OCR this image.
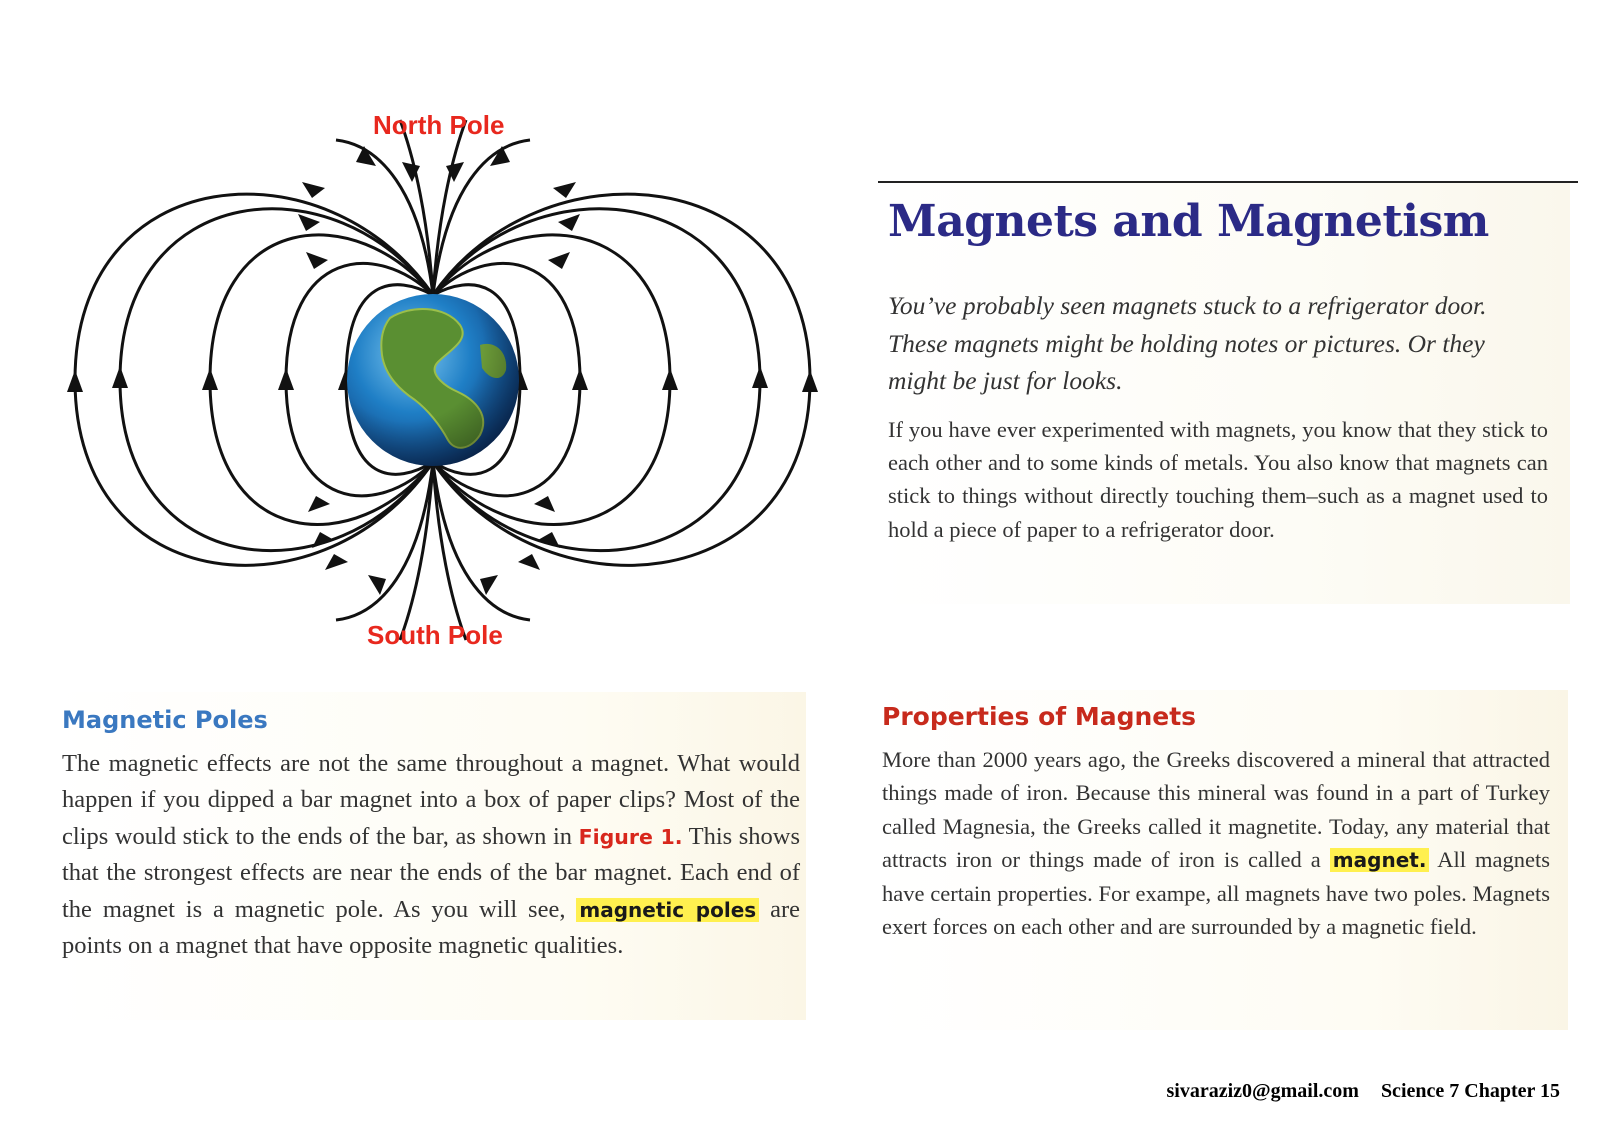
North Pole
South Pole
Magnets and Magnetism

You’ve probably seen magnets stuck to a refrigerator door. These magnets might be holding notes or pictures. Or they might be just for looks.

If you have ever experimented with magnets, you know that they stick to each other and to some kinds of metals. You also know that magnets can stick to things without directly touching them–such as a magnet used to hold a piece of paper to a refrigerator door.

Magnetic Poles

The magnetic effects are not the same throughout a magnet. What would happen if you dipped a bar magnet into a box of paper clips? Most of the clips would stick to the ends of the bar, as shown in Figure 1. This shows that the strongest effects are near the ends of the bar magnet. Each end of the magnet is a magnetic pole. As you will see, magnetic poles are points on a magnet that have opposite magnetic qualities.

Properties of Magnets

More than 2000 years ago, the Greeks discovered a mineral that attracted things made of iron. Because this mineral was found in a part of Turkey called Magnesia, the Greeks called it magnetite. Today, any material that attracts iron or things made of iron is called a magnet. All magnets have certain properties. For exampe, all magnets have two poles. Magnets exert forces on each other and are surrounded by a magnetic field.

sivaraziz0@gmail.com Science 7 Chapter 15
